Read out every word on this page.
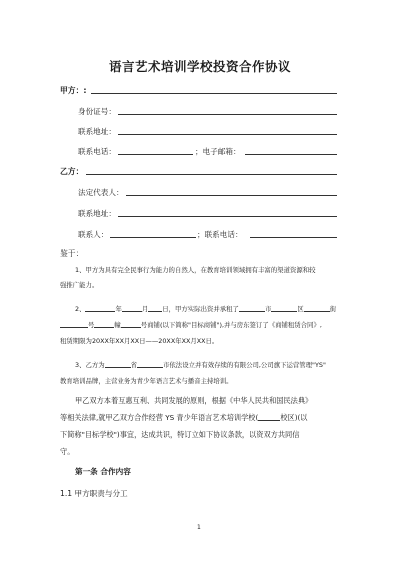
语言艺术培训学校投资合作协议
甲方：:
身份证号：
联系地址：
联系电话：	；电子邮箱：
乙方：
法定代表人：
联系地址：
联系人：	；联系电话：
鉴于：
1、甲方为具有完全民事行为能力的自然人，在教育培训领域拥有丰富的渠道资源和较
强推广能力。
2、	年	月 日，甲方实际出资并承租了	市	区	街
号	幢	号商铺(以下简称"目标商铺"),并与房东签订了《商铺租赁合同》,
租赁期限为20XX年XX月XX日——20XX年XX月XX日。
3、乙方为	省	市依法设立并有效存续的有限公司,公司旗下运营管理"YS"
教育培训品牌，主营业务为青少年语言艺术与播音主持培训。
甲乙双方本着互惠互利、共同发展的原则，根据《中华人民共和国民法典》
等相关法律,就甲乙双方合作经营 YS 青少年语言艺术培训学校(	校区)(以
下简称"目标学校")事宜，达成共识，特订立如下协议条款，以资双方共同信
守。
第一条 合作内容
1.1 甲方职责与分工
1
